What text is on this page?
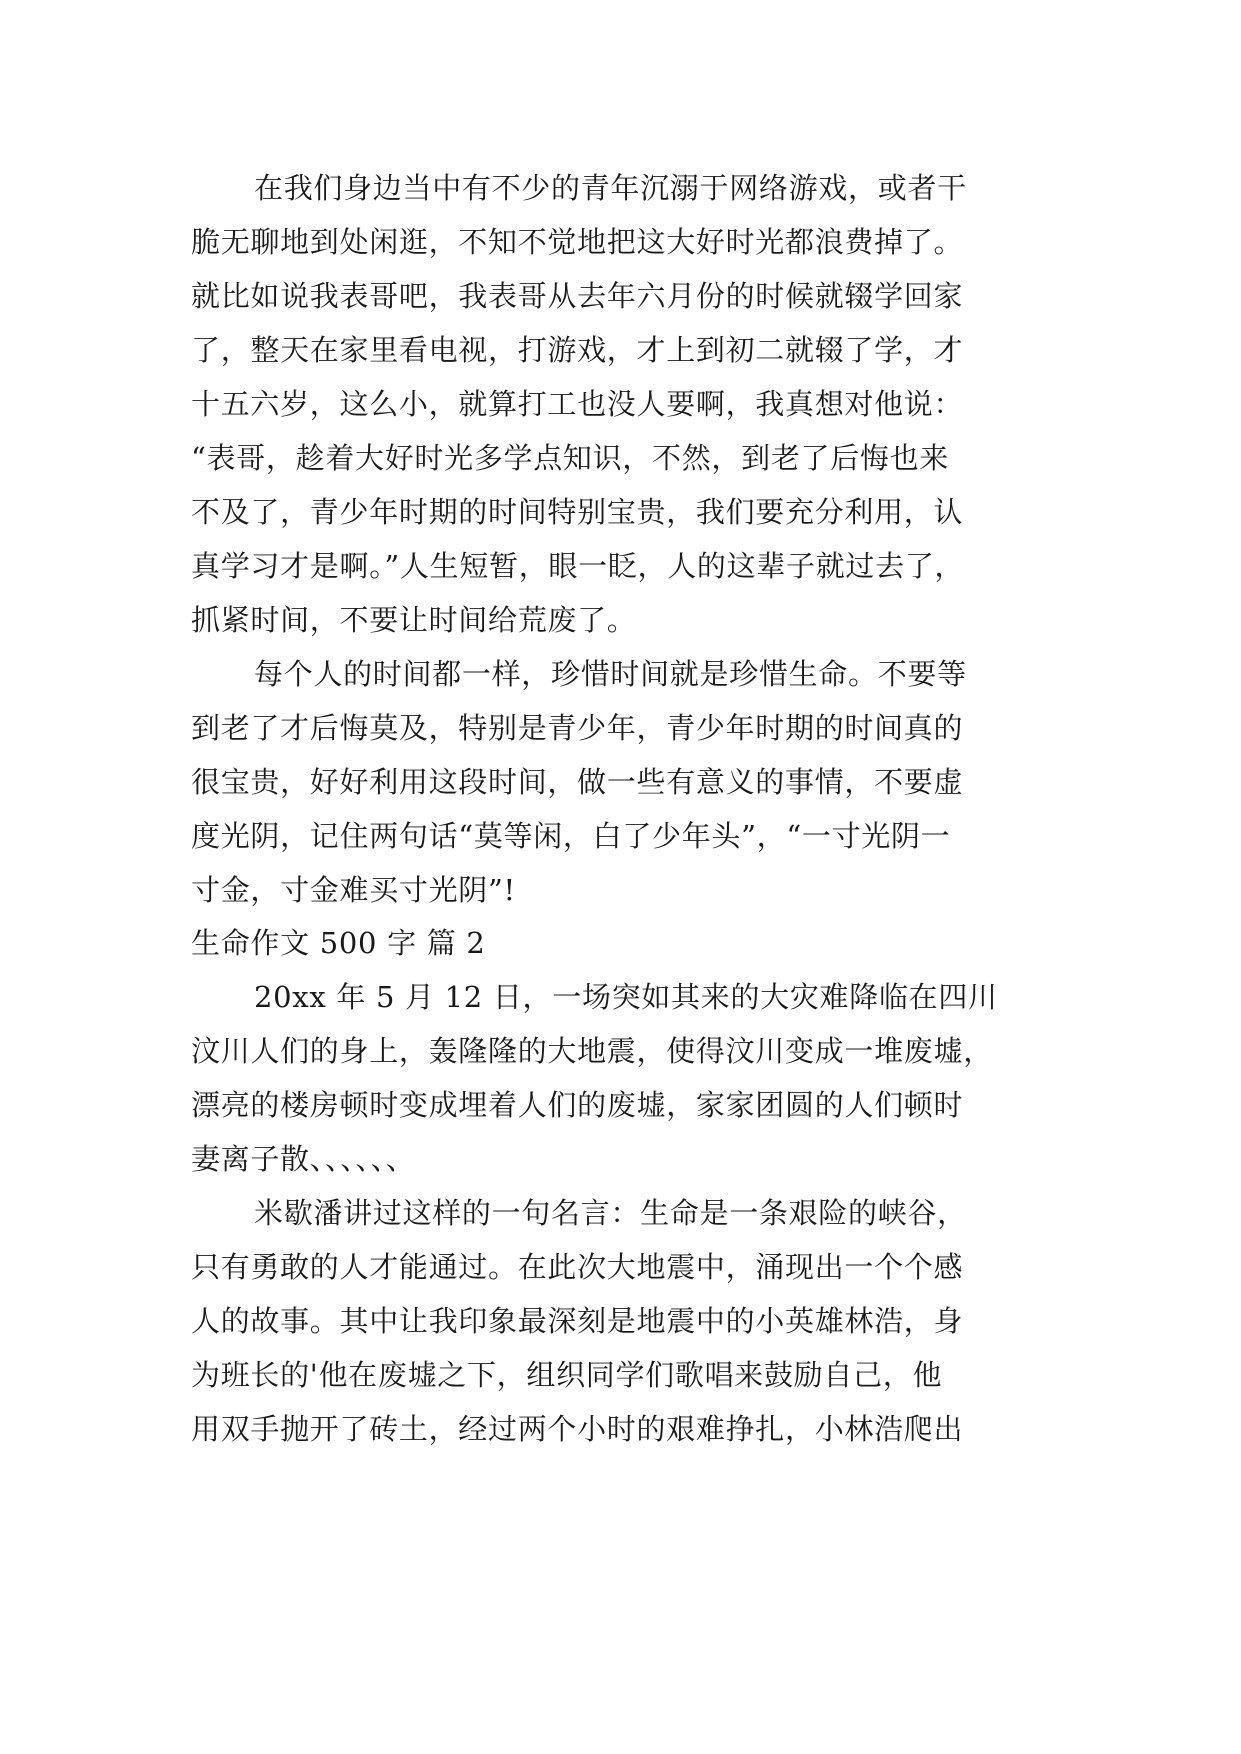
在我们身边当中有不少的青年沉溺于网络游戏，或者干
脆无聊地到处闲逛，不知不觉地把这大好时光都浪费掉了。
就比如说我表哥吧，我表哥从去年六月份的时候就辍学回家
了，整天在家里看电视，打游戏，才上到初二就辍了学，才
十五六岁，这么小，就算打工也没人要啊，我真想对他说：
“表哥，趁着大好时光多学点知识，不然，到老了后悔也来
不及了，青少年时期的时间特别宝贵，我们要充分利用，认
真学习才是啊。”人生短暂，眼一眨，人的这辈子就过去了，
抓紧时间，不要让时间给荒废了。
每个人的时间都一样，珍惜时间就是珍惜生命。不要等
到老了才后悔莫及，特别是青少年，青少年时期的时间真的
很宝贵，好好利用这段时间，做一些有意义的事情，不要虚
度光阴，记住两句话“莫等闲，白了少年头”，“一寸光阴一
寸金，寸金难买寸光阴”!
生命作文 500 字 篇 2
20xx 年 5 月 12 日，一场突如其来的大灾难降临在四川
汶川人们的身上，轰隆隆的大地震，使得汶川变成一堆废墟，
漂亮的楼房顿时变成埋着人们的废墟，家家团圆的人们顿时
妻离子散、、、、、、
米歇潘讲过这样的一句名言：生命是一条艰险的峡谷，
只有勇敢的人才能通过。在此次大地震中，涌现出一个个感
人的故事。其中让我印象最深刻是地震中的小英雄林浩，身
为班长的'他在废墟之下，组织同学们歌唱来鼓励自己，他
用双手抛开了砖土，经过两个小时的艰难挣扎，小林浩爬出
